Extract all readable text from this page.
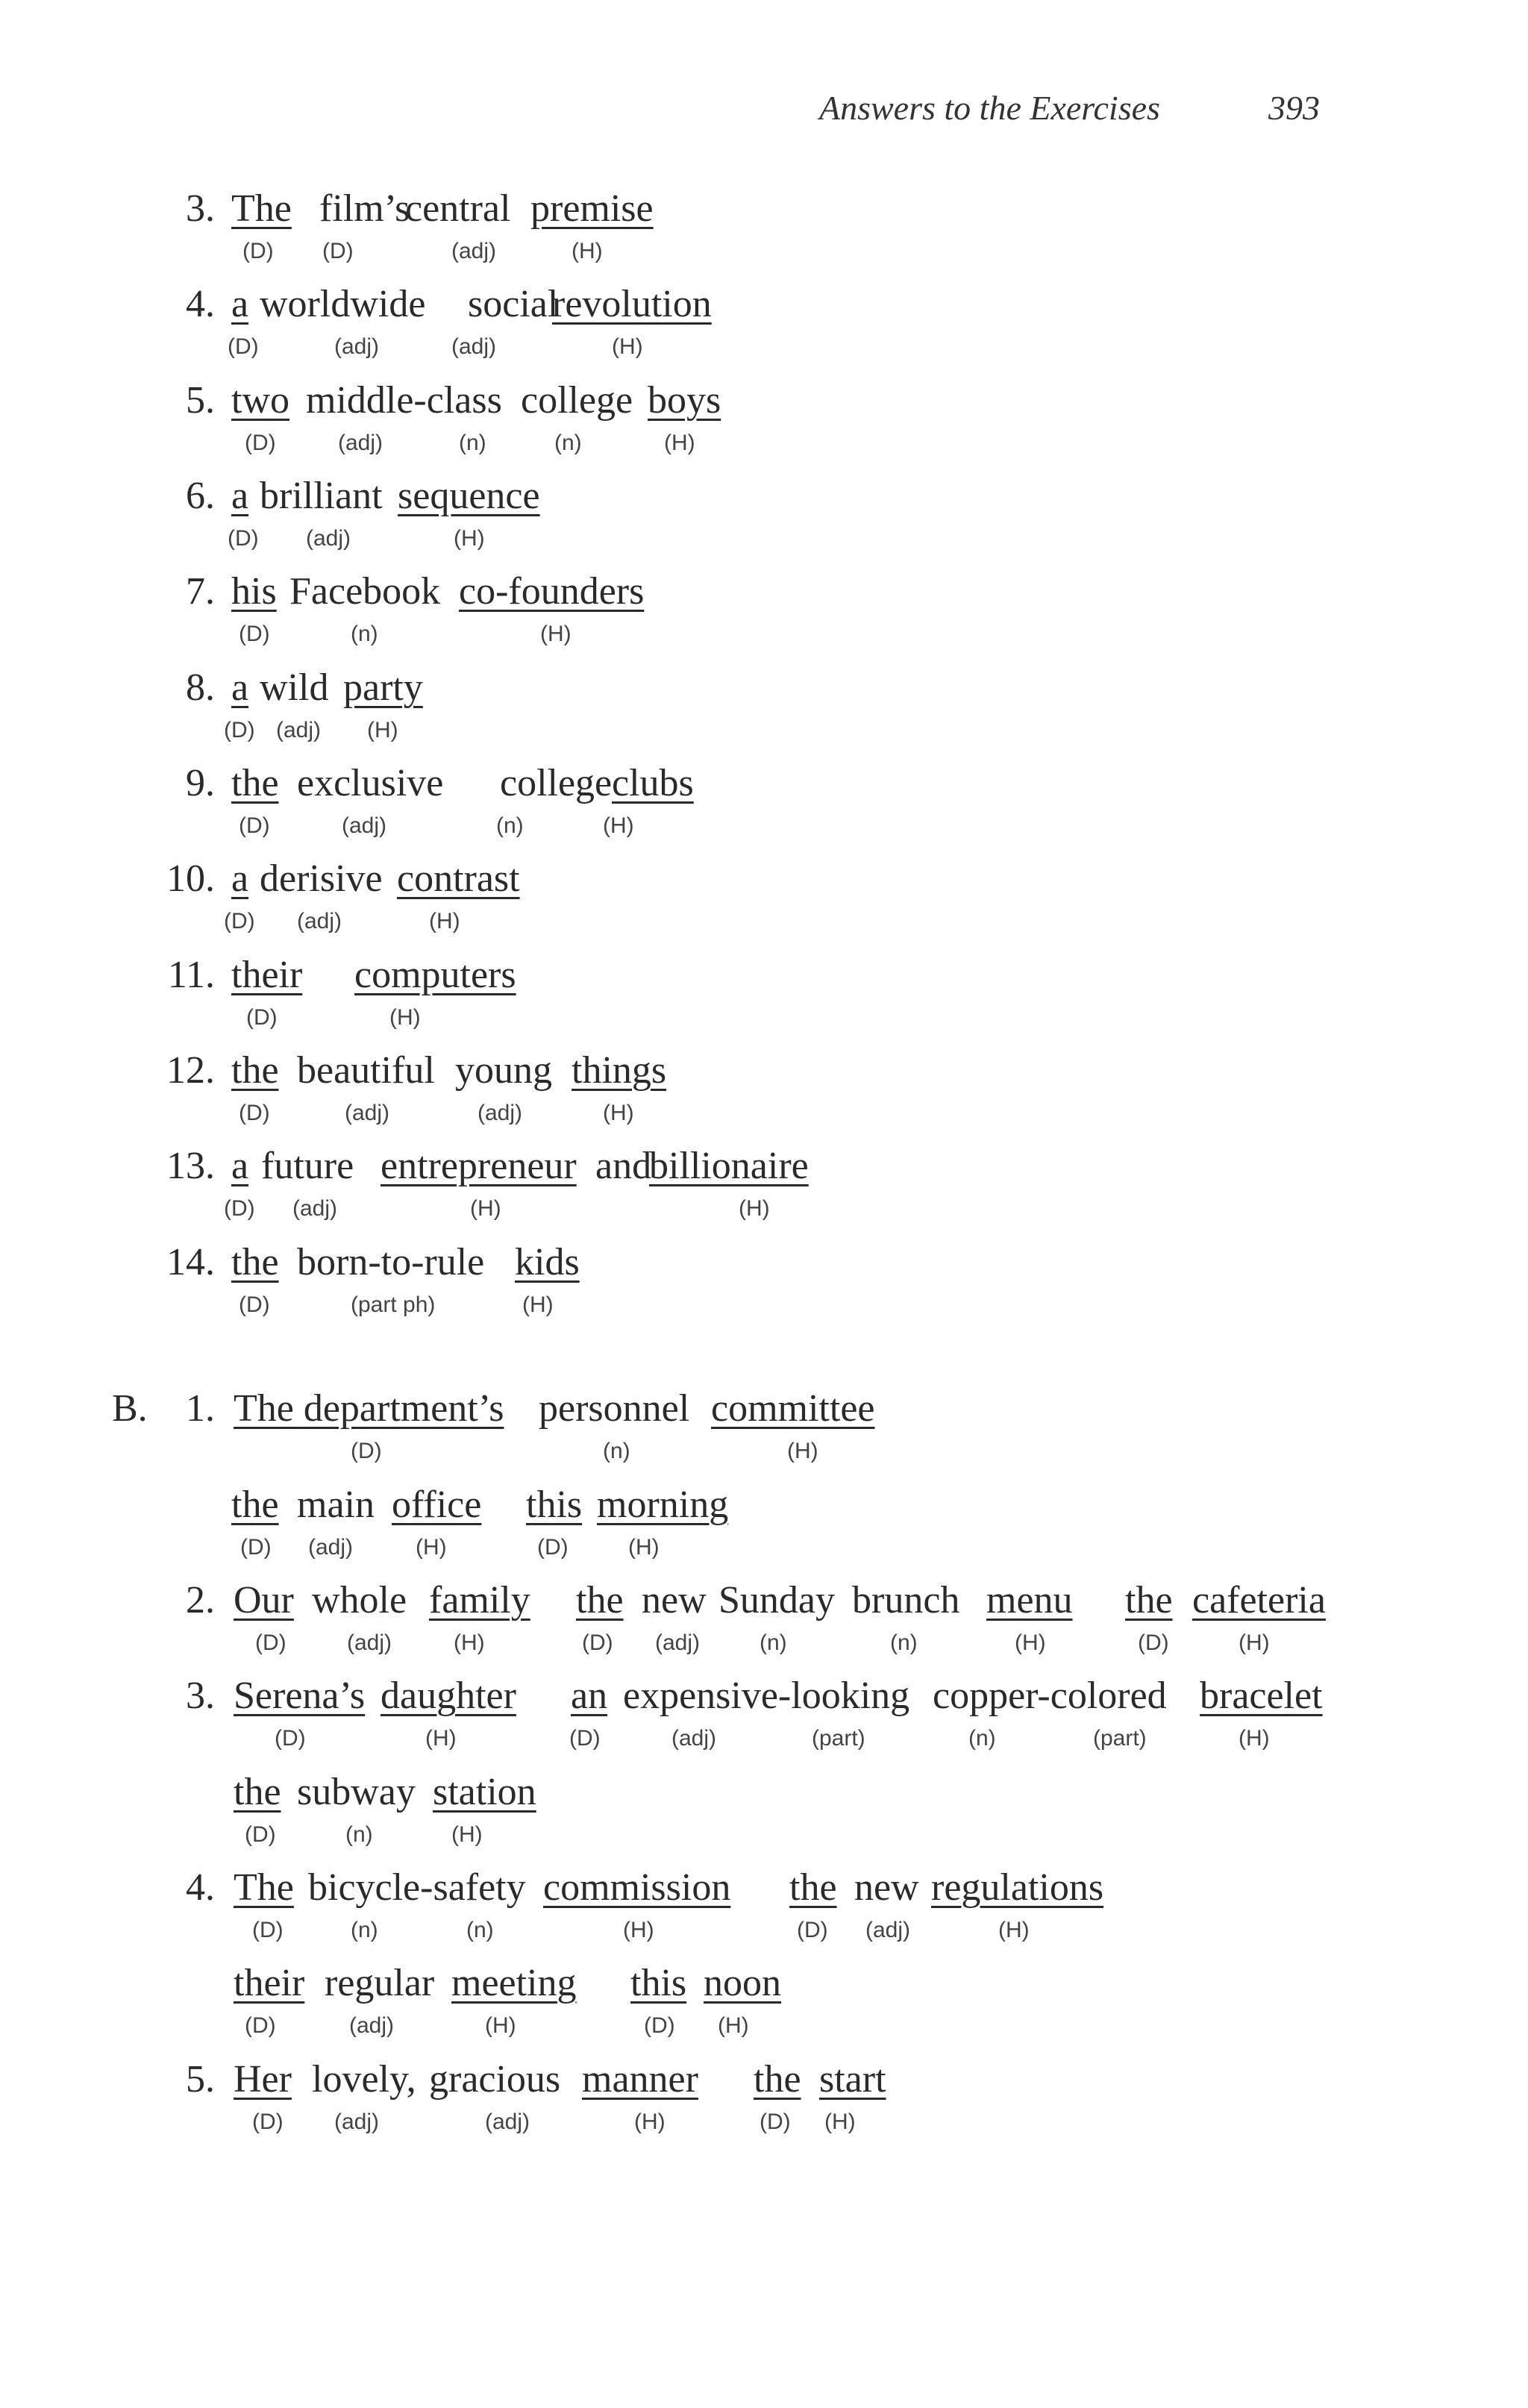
Answers to the Exercises	393
3. The film’s
central premise
(D) (D)	(adj)	(H)
4. a worldwide social
revolution
(D)	(adj)	(adj)	(H)
5. two middle-class college boys
(D)	(adj)	(n)	(n)	(H)
6. a brilliant sequence
(D) (adj)	(H)
7. his Facebook co-founders
(D)	(n)	(H)
8. a wild party
(D) (adj) (H)
9. the exclusive college clubs
(D)	(adj)	(n)	(H)
10. a derisive contrast
(D) (adj)	(H)
11. their computers
(D)	(H)
12. the beautiful young things
(D)	(adj)	(adj)	(H)
13. a future entrepreneur and
billionaire
(D) (adj)	(H)	(H)
14. the born-to-rule kids
(D)	(part ph)	(H)
B. 1. The department’s personnel committee
(D)	(n)	(H)
the main office this morning
(D) (adj)	(H)	(D)	(H)
2. Our whole family the new Sunday brunch menu the cafeteria
(D)	(adj)	(H)	(D) (adj)	(n)	(n)	(H)	(D)	(H)
3. Serena’s daughter an expensive-looking copper-colored bracelet
(D)	(H)	(D)	(adj)	(part)	(n)	(part)	(H)
the subway station
(D)	(n)	(H)
4. The bicycle-safety commission the new regulations
(D)	(n)	(n)	(H)	(D) (adj)	(H)
their regular meeting this noon
(D)	(adj)	(H)	(D) (H)
5. Her lovely, gracious manner the start
(D) (adj)	(adj)	(H)	(D) (H)
